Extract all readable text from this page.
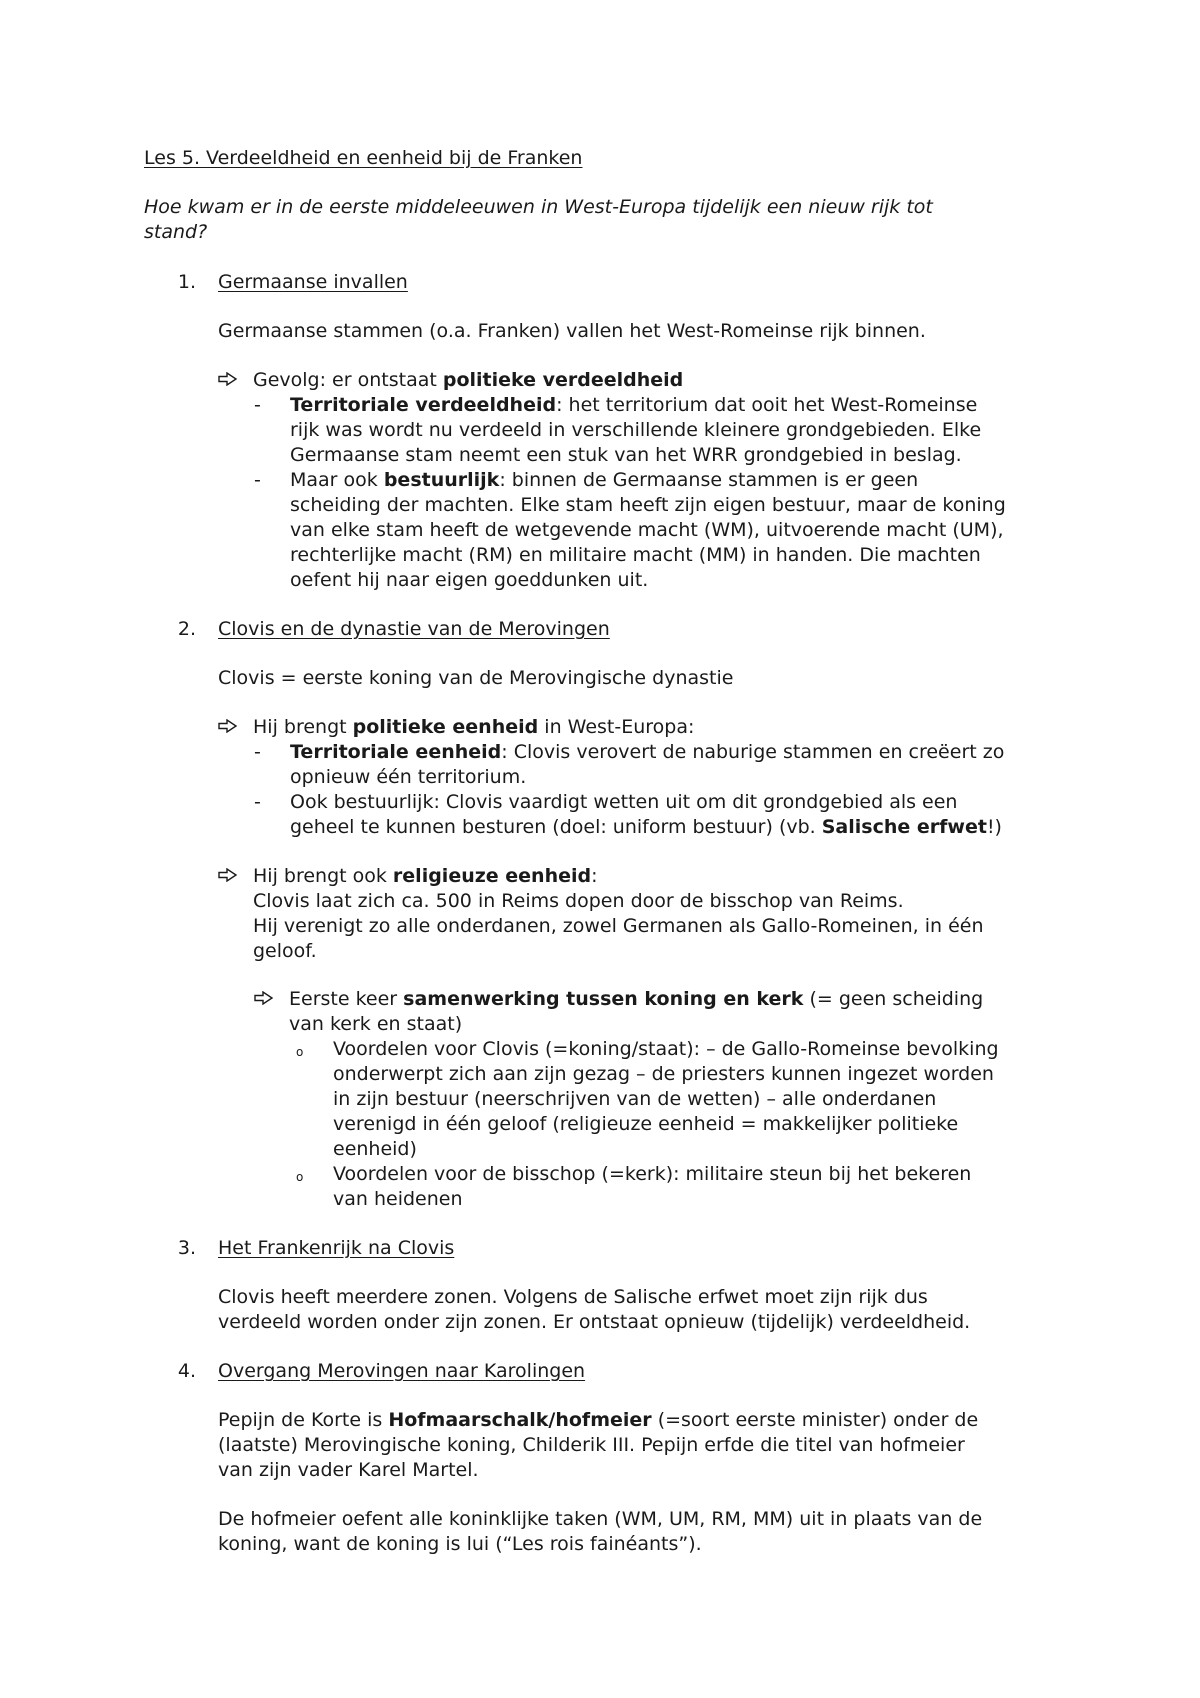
Les 5. Verdeeldheid en eenheid bij de Franken
Hoe kwam er in de eerste middeleeuwen in West-Europa tijdelijk een nieuw rijk tot
stand?
1. Germaanse invallen
Germaanse stammen (o.a. Franken) vallen het West-Romeinse rijk binnen.
Gevolg: er ontstaat politieke verdeeldheid
- Territoriale verdeeldheid: het territorium dat ooit het West-Romeinse
rijk was wordt nu verdeeld in verschillende kleinere grondgebieden. Elke
Germaanse stam neemt een stuk van het WRR grondgebied in beslag.
- Maar ook bestuurlijk: binnen de Germaanse stammen is er geen
scheiding der machten. Elke stam heeft zijn eigen bestuur, maar de koning
van elke stam heeft de wetgevende macht (WM), uitvoerende macht (UM),
rechterlijke macht (RM) en militaire macht (MM) in handen. Die machten
oefent hij naar eigen goeddunken uit.
2. Clovis en de dynastie van de Merovingen
Clovis = eerste koning van de Merovingische dynastie
Hij brengt politieke eenheid in West-Europa:
- Territoriale eenheid: Clovis verovert de naburige stammen en creëert zo
opnieuw één territorium.
- Ook bestuurlijk: Clovis vaardigt wetten uit om dit grondgebied als een
geheel te kunnen besturen (doel: uniform bestuur) (vb. Salische erfwet!)
Hij brengt ook religieuze eenheid:
Clovis laat zich ca. 500 in Reims dopen door de bisschop van Reims.
Hij verenigt zo alle onderdanen, zowel Germanen als Gallo-Romeinen, in één
geloof.
Eerste keer samenwerking tussen koning en kerk (= geen scheiding
van kerk en staat)
o Voordelen voor Clovis (=koning/staat): – de Gallo-Romeinse bevolking
onderwerpt zich aan zijn gezag – de priesters kunnen ingezet worden
in zijn bestuur (neerschrijven van de wetten) – alle onderdanen
verenigd in één geloof (religieuze eenheid = makkelijker politieke
eenheid)
o Voordelen voor de bisschop (=kerk): militaire steun bij het bekeren
van heidenen
3. Het Frankenrijk na Clovis
Clovis heeft meerdere zonen. Volgens de Salische erfwet moet zijn rijk dus
verdeeld worden onder zijn zonen. Er ontstaat opnieuw (tijdelijk) verdeeldheid.
4. Overgang Merovingen naar Karolingen
Pepijn de Korte is Hofmaarschalk/hofmeier (=soort eerste minister) onder de
(laatste) Merovingische koning, Childerik III. Pepijn erfde die titel van hofmeier
van zijn vader Karel Martel.
De hofmeier oefent alle koninklijke taken (WM, UM, RM, MM) uit in plaats van de
koning, want de koning is lui (“Les rois fainéants”).
